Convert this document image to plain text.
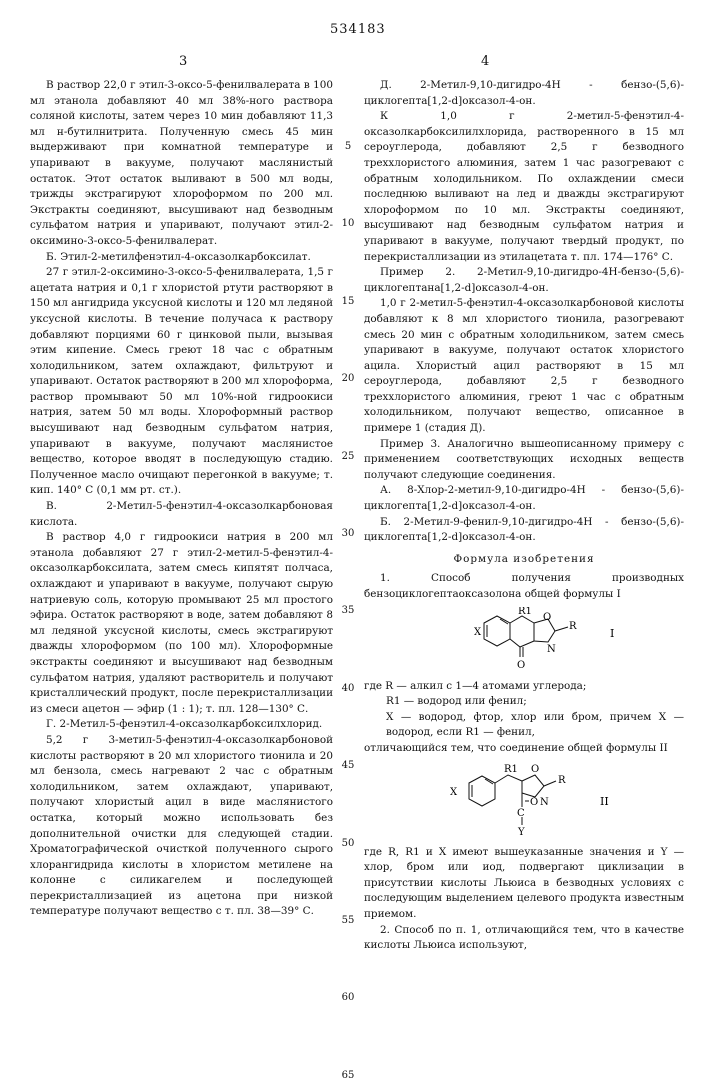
3
534183
4

В раствор 22,0 г этил-3-оксо-5-фенилвалерата в 100 мл этанола добавляют 40 мл 38%-ного раствора соляной кислоты, затем через 10 мин добавляют 11,3 мл н-бутилнитрита. Полученную смесь 45 мин выдерживают при комнатной температуре и упаривают в вакууме, получают маслянистый остаток. Этот остаток выливают в 500 мл воды, трижды экстрагируют хлороформом по 200 мл. Экстракты соединяют, высушивают над безводным сульфатом натрия и упаривают, получают этил-2-оксимино-3-оксо-5-фенилвалерат.

Б. Этил-2-метилфенэтил-4-оксазолкарбоксилат.

27 г этил-2-оксимино-3-оксо-5-фенилвалерата, 1,5 г ацетата натрия и 0,1 г хлористой ртути растворяют в 150 мл ангидрида уксусной кислоты и 120 мл ледяной уксусной кислоты. В течение получаса к раствору добавляют порциями 60 г цинковой пыли, вызывая этим кипение. Смесь греют 18 час с обратным холодильником, затем охлаждают, фильтруют и упаривают. Остаток растворяют в 200 мл хлороформа, раствор промывают 50 мл 10%-ной гидроокиси натрия, затем 50 мл воды. Хлороформный раствор высушивают над безводным сульфатом натрия, упаривают в вакууме, получают маслянистое вещество, которое вводят в последующую стадию. Полученное масло очищают перегонкой в вакууме; т. кип. 140° С (0,1 мм рт. ст.).

В. 2-Метил-5-фенэтил-4-оксазолкарбоновая кислота.

В раствор 4,0 г гидроокиси натрия в 200 мл этанола добавляют 27 г этил-2-метил-5-фенэтил-4-оксазолкарбоксилата, затем смесь кипятят полчаса, охлаждают и упаривают в вакууме, получают сырую натриевую соль, которую промывают 25 мл простого эфира. Остаток растворяют в воде, затем добавляют 8 мл ледяной уксусной кислоты, смесь экстрагируют дважды хлороформом (по 100 мл). Хлороформные экстракты соединяют и высушивают над безводным сульфатом натрия, удаляют растворитель и получают кристаллический продукт, после перекристаллизации из смеси ацетон — эфир (1 : 1); т. пл. 128—130° С.

Г. 2-Метил-5-фенэтил-4-оксазолкарбоксилхлорид.

5,2 г 3-метил-5-фенэтил-4-оксазолкарбоновой кислоты растворяют в 20 мл хлористого тионила и 20 мл бензола, смесь нагревают 2 час с обратным холодильником, затем охлаждают, упаривают, получают хлористый ацил в виде маслянистого остатка, который можно использовать без дополнительной очистки для следующей стадии. Хроматографической очисткой полученного сырого хлорангидрида кислоты в хлористом метилене на колонне с силикагелем и последующей перекристаллизацией из ацетона при низкой температуре получают вещество с т. пл. 38—39° С.

5
10
15
20
25
30
35
40
45
50
55
60
65

Д. 2-Метил-9,10-дигидро-4Н - бензо-(5,6)-циклогепта[1,2-d]оксазол-4-он.

К 1,0 г 2-метил-5-фенэтил-4-оксазолкарбоксилилхлорида, растворенного в 15 мл сероуглерода, добавляют 2,5 г безводного треххлористого алюминия, затем 1 час разогревают с обратным холодильником. По охлаждении смеси последнюю выливают на лед и дважды экстрагируют хлороформом по 10 мл. Экстракты соединяют, высушивают над безводным сульфатом натрия и упаривают в вакууме, получают твердый продукт, по перекристаллизации из этилацетата т. пл. 174—176° С.

Пример 2. 2-Метил-9,10-дигидро-4Н-бензо-(5,6)-циклогептана[1,2-d]оксазол-4-он.

1,0 г 2-метил-5-фенэтил-4-оксазолкарбоновой кислоты добавляют к 8 мл хлористого тионила, разогревают смесь 20 мин с обратным холодильником, затем смесь упаривают в вакууме, получают остаток хлористого ацила. Хлористый ацил растворяют в 15 мл сероуглерода, добавляют 2,5 г безводного треххлористого алюминия, греют 1 час с обратным холодильником, получают вещество, описанное в примере 1 (стадия Д).

Пример 3. Аналогично вышеописанному примеру с применением соответствующих исходных веществ получают следующие соединения.

А. 8-Хлор-2-метил-9,10-дигидро-4Н - бензо-(5,6)-циклогепта[1,2-d]оксазол-4-он.

Б. 2-Метил-9-фенил-9,10-дигидро-4Н - бензо-(5,6)-циклогепта[1,2-d]оксазол-4-он.

Формула изобретения

1. Способ получения производных бензоциклогептаоксазолона общей формулы I

X
R1
O
N
R
O
I

где R — алкил с 1—4 атомами углерода;

R1 — водород или фенил;

X — водород, фтор, хлор или бром, причем X — водород, если R1 — фенил,

отличающийся тем, что соединение общей формулы II

X
R1 O
N
R
O
C
Y
II

где R, R1 и X имеют вышеуказанные значения и Y — хлор, бром или иод, подвергают циклизации в присутствии кислоты Льюиса в безводных условиях с последующим выделением целевого продукта известным приемом.

2. Способ по п. 1, отличающийся тем, что в качестве кислоты Льюиса используют,
